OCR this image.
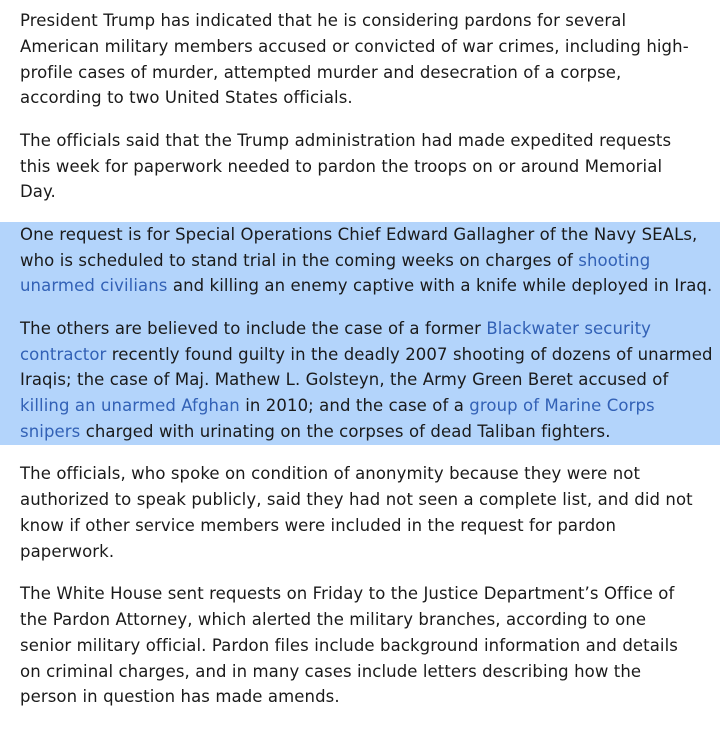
President Trump has indicated that he is considering pardons for several American military members accused or convicted of war crimes, including high-profile cases of murder, attempted murder and desecration of a corpse, according to two United States officials.

The officials said that the Trump administration had made expedited requests this week for paperwork needed to pardon the troops on or around Memorial Day.

One request is for Special Operations Chief Edward Gallagher of the Navy SEALs, who is scheduled to stand trial in the coming weeks on charges of shooting unarmed civilians and killing an enemy captive with a knife while deployed in Iraq.

The others are believed to include the case of a former Blackwater security contractor recently found guilty in the deadly 2007 shooting of dozens of unarmed Iraqis; the case of Maj. Mathew L. Golsteyn, the Army Green Beret accused of killing an unarmed Afghan in 2010; and the case of a group of Marine Corps snipers charged with urinating on the corpses of dead Taliban fighters.

The officials, who spoke on condition of anonymity because they were not authorized to speak publicly, said they had not seen a complete list, and did not know if other service members were included in the request for pardon paperwork.

The White House sent requests on Friday to the Justice Department’s Office of the Pardon Attorney, which alerted the military branches, according to one senior military official. Pardon files include background information and details on criminal charges, and in many cases include letters describing how the person in question has made amends.
